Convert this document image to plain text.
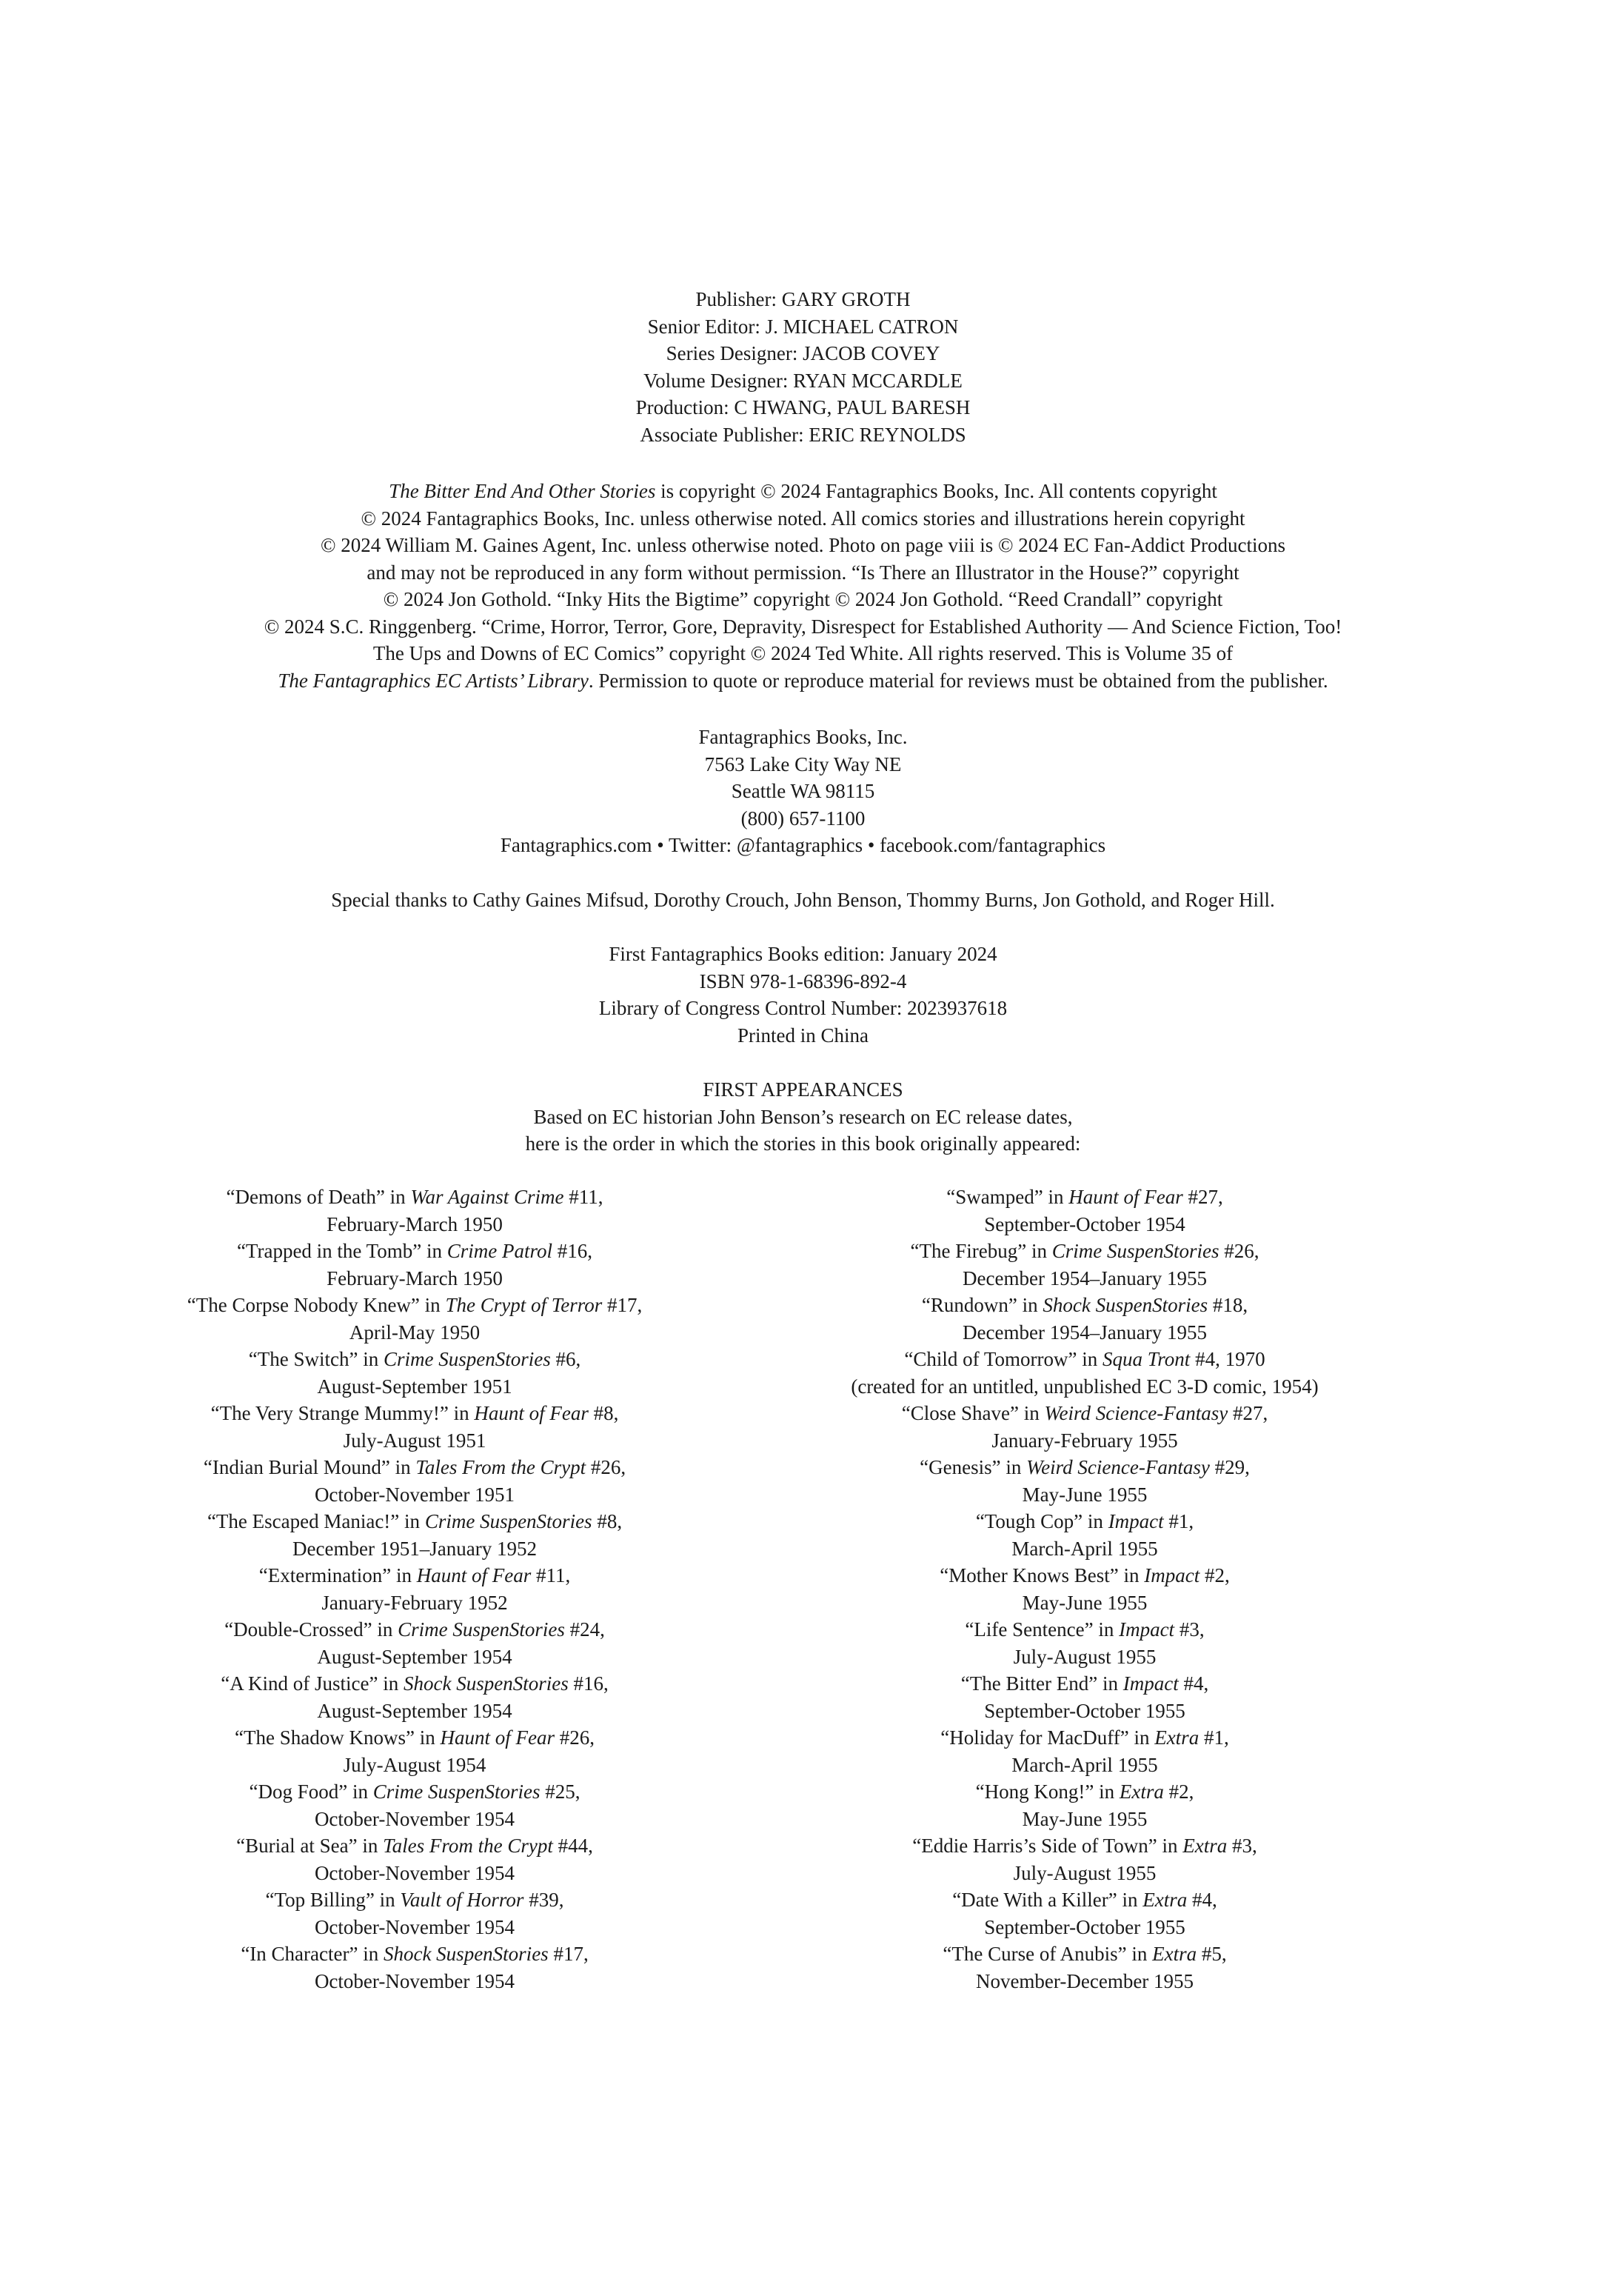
Publisher: GARY GROTH
Senior Editor: J. MICHAEL CATRON
Series Designer: JACOB COVEY
Volume Designer: RYAN MCCARDLE
Production: C HWANG, PAUL BARESH
Associate Publisher: ERIC REYNOLDS
The Bitter End And Other Stories is copyright © 2024 Fantagraphics Books, Inc. All contents copyright
© 2024 Fantagraphics Books, Inc. unless otherwise noted. All comics stories and illustrations herein copyright
© 2024 William M. Gaines Agent, Inc. unless otherwise noted. Photo on page viii is © 2024 EC Fan-Addict Productions
and may not be reproduced in any form without permission. “Is There an Illustrator in the House?” copyright
© 2024 Jon Gothold. “Inky Hits the Bigtime” copyright © 2024 Jon Gothold. “Reed Crandall” copyright
© 2024 S.C. Ringgenberg. “Crime, Horror, Terror, Gore, Depravity, Disrespect for Established Authority — And Science Fiction, Too!
The Ups and Downs of EC Comics” copyright © 2024 Ted White. All rights reserved. This is Volume 35 of
The Fantagraphics EC Artists’ Library. Permission to quote or reproduce material for reviews must be obtained from the publisher.
Fantagraphics Books, Inc.
7563 Lake City Way NE
Seattle WA 98115
(800) 657-1100
Fantagraphics.com • Twitter: @fantagraphics • facebook.com/fantagraphics
Special thanks to Cathy Gaines Mifsud, Dorothy Crouch, John Benson, Thommy Burns, Jon Gothold, and Roger Hill.
First Fantagraphics Books edition: January 2024
ISBN 978-1-68396-892-4
Library of Congress Control Number: 2023937618
Printed in China
FIRST APPEARANCES
Based on EC historian John Benson’s research on EC release dates,
here is the order in which the stories in this book originally appeared:
“Demons of Death” in War Against Crime #11,
February-March 1950
“Trapped in the Tomb” in Crime Patrol #16,
February-March 1950
“The Corpse Nobody Knew” in The Crypt of Terror #17,
April-May 1950
“The Switch” in Crime SuspenStories #6,
August-September 1951
“The Very Strange Mummy!” in Haunt of Fear #8,
July-August 1951
“Indian Burial Mound” in Tales From the Crypt #26,
October-November 1951
“The Escaped Maniac!” in Crime SuspenStories #8,
December 1951–January 1952
“Extermination” in Haunt of Fear #11,
January-February 1952
“Double-Crossed” in Crime SuspenStories #24,
August-September 1954
“A Kind of Justice” in Shock SuspenStories #16,
August-September 1954
“The Shadow Knows” in Haunt of Fear #26,
July-August 1954
“Dog Food” in Crime SuspenStories #25,
October-November 1954
“Burial at Sea” in Tales From the Crypt #44,
October-November 1954
“Top Billing” in Vault of Horror #39,
October-November 1954
“In Character” in Shock SuspenStories #17,
October-November 1954
“Swamped” in Haunt of Fear #27,
September-October 1954
“The Firebug” in Crime SuspenStories #26,
December 1954–January 1955
“Rundown” in Shock SuspenStories #18,
December 1954–January 1955
“Child of Tomorrow” in Squa Tront #4, 1970
(created for an untitled, unpublished EC 3-D comic, 1954)
“Close Shave” in Weird Science-Fantasy #27,
January-February 1955
“Genesis” in Weird Science-Fantasy #29,
May-June 1955
“Tough Cop” in Impact #1,
March-April 1955
“Mother Knows Best” in Impact #2,
May-June 1955
“Life Sentence” in Impact #3,
July-August 1955
“The Bitter End” in Impact #4,
September-October 1955
“Holiday for MacDuff” in Extra #1,
March-April 1955
“Hong Kong!” in Extra #2,
May-June 1955
“Eddie Harris’s Side of Town” in Extra #3,
July-August 1955
“Date With a Killer” in Extra #4,
September-October 1955
“The Curse of Anubis” in Extra #5,
November-December 1955
